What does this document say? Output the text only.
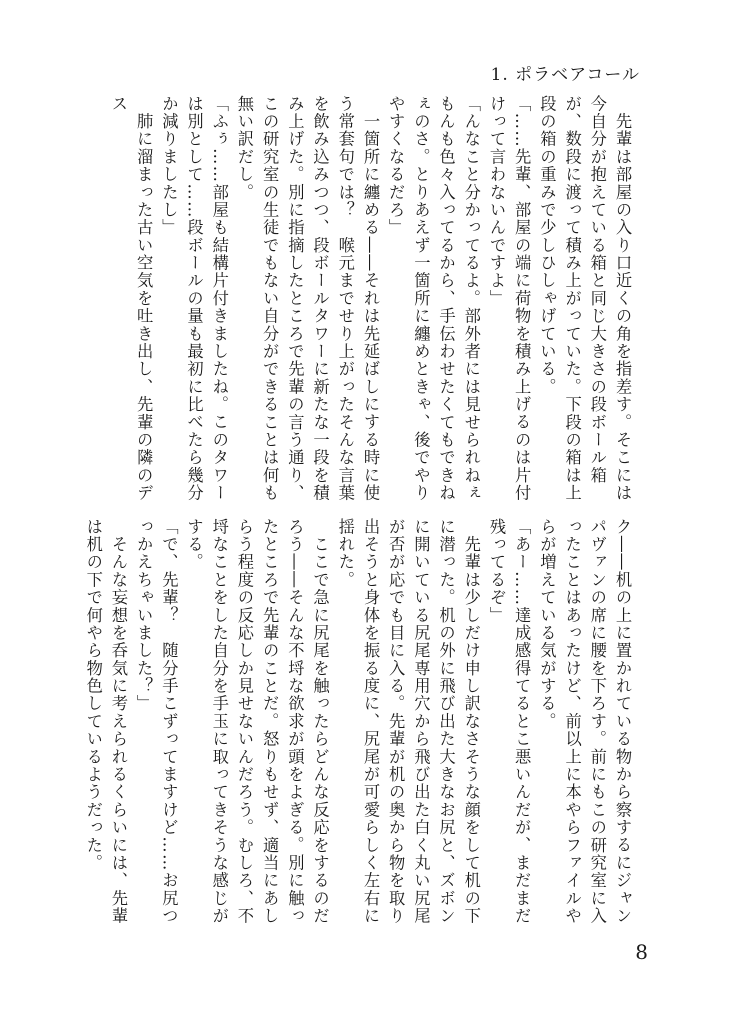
1. ポラベアコール

　先輩は部屋の入り口近くの角を指差す。そこには今自分が抱えている箱と同じ大きさの段ボール箱が、数段に渡って積み上がっていた。下段の箱は上段の箱の重みで少しひしゃげている。

「……先輩、部屋の端に荷物を積み上げるのは片付けって言わないんですよ」

「んなこと分かってるよ。部外者には見せられねぇもんも色々入ってるから、手伝わせたくてもできねぇのさ。とりあえず一箇所に纏めときゃ、後でやりやすくなるだろ」

　一箇所に纏める――それは先延ばしにする時に使う常套句では？　喉元までせり上がったそんな言葉を飲み込みつつ、段ボールタワーに新たな一段を積み上げた。別に指摘したところで先輩の言う通り、この研究室の生徒でもない自分ができることは何も無い訳だし。

「ふぅ……部屋も結構片付きましたね。このタワーは別として……段ボールの量も最初に比べたら幾分か減りましたし」

　肺に溜まった古い空気を吐き出し、先輩の隣のデス

ク――机の上に置かれている物から察するにジャンパヴァンの席に腰を下ろす。前にもこの研究室に入ったことはあったけど、前以上に本やらファイルやらが増えている気がする。

「あー……達成感得てるとこ悪いんだが、まだまだ残ってるぞ」

　先輩は少しだけ申し訳なさそうな顔をして机の下に潜った。机の外に飛び出た大きなお尻と、ズボンに開いている尻尾専用穴から飛び出た白く丸い尻尾が否が応でも目に入る。先輩が机の奥から物を取り出そうと身体を振る度に、尻尾が可愛らしく左右に揺れた。

　ここで急に尻尾を触ったらどんな反応をするのだろう――そんな不埒な欲求が頭をよぎる。別に触ったところで先輩のことだ。怒りもせず、適当にあしらう程度の反応しか見せないんだろう。むしろ、不埒なことをした自分を手玉に取ってきそうな感じがする。

「で、先輩？　随分手こずってますけど……お尻つっかえちゃいました？」

　そんな妄想を呑気に考えられるくらいには、先輩は机の下で何やら物色しているようだった。

8
